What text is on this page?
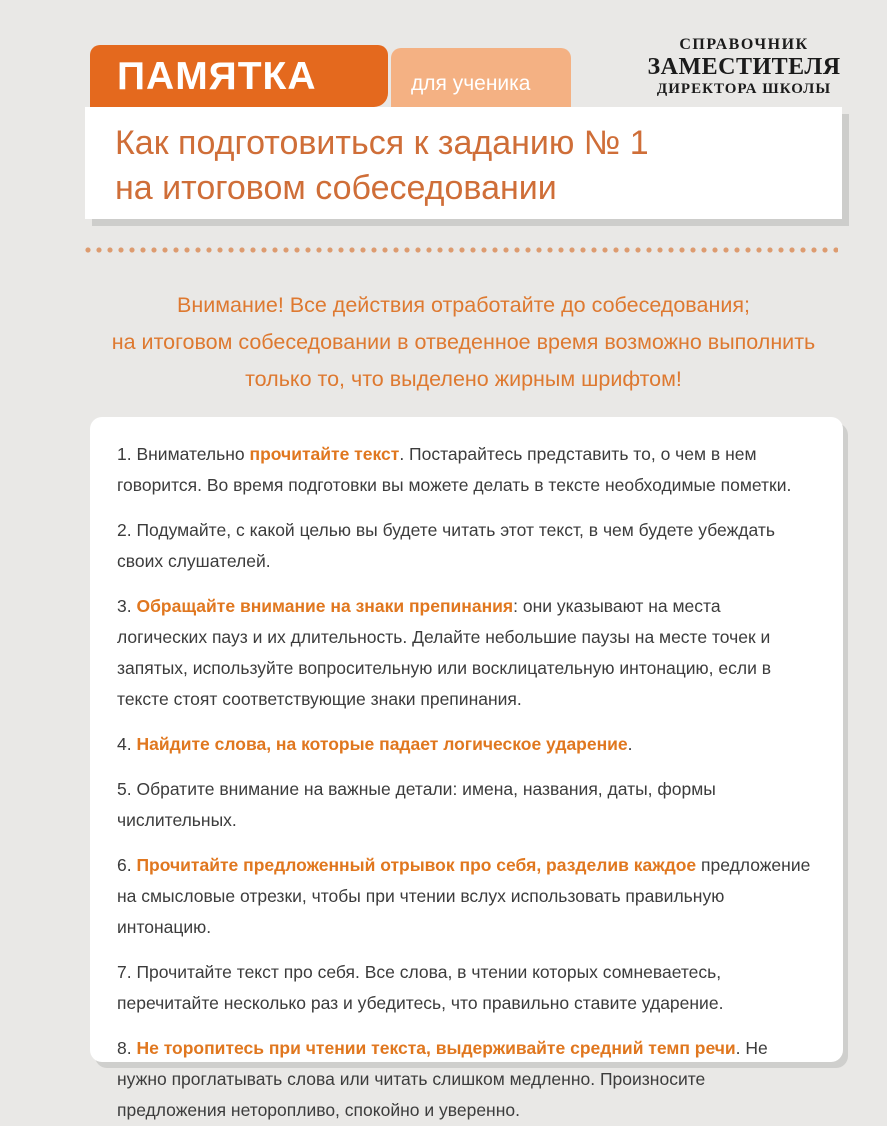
ПАМЯТКА	для ученика
СПРАВОЧНИК
ЗАМЕСТИТЕЛЯ
ДИРЕКТОРА ШКОЛЫ
Как подготовиться к заданию № 1
на итоговом собеседовании
Внимание! Все действия отработайте до собеседования;
на итоговом собеседовании в отведенное время возможно выполнить
только то, что выделено жирным шрифтом!

1. Внимательно прочитайте текст. Постарайтесь представить то, о чем в нем говорится. Во время подготовки вы можете делать в тексте необходимые пометки.

2. Подумайте, с какой целью вы будете читать этот текст, в чем будете убеждать своих слушателей.

3. Обращайте внимание на знаки препинания: они указывают на места логических пауз и их длительность. Делайте небольшие паузы на месте точек и запятых, используйте вопросительную или восклицательную интонацию, если в тексте стоят соответствующие знаки препинания.

4. Найдите слова, на которые падает логическое ударение.

5. Обратите внимание на важные детали: имена, названия, даты, формы числительных.

6. Прочитайте предложенный отрывок про себя, разделив каждое предложение на смысловые отрезки, чтобы при чтении вслух использовать правильную интонацию.

7. Прочитайте текст про себя. Все слова, в чтении которых сомневаетесь, перечитайте несколько раз и убедитесь, что правильно ставите ударение.

8. Не торопитесь при чтении текста, выдерживайте средний темп речи. Не нужно проглатывать слова или читать слишком медленно. Произносите предложения неторопливо, спокойно и уверенно.
